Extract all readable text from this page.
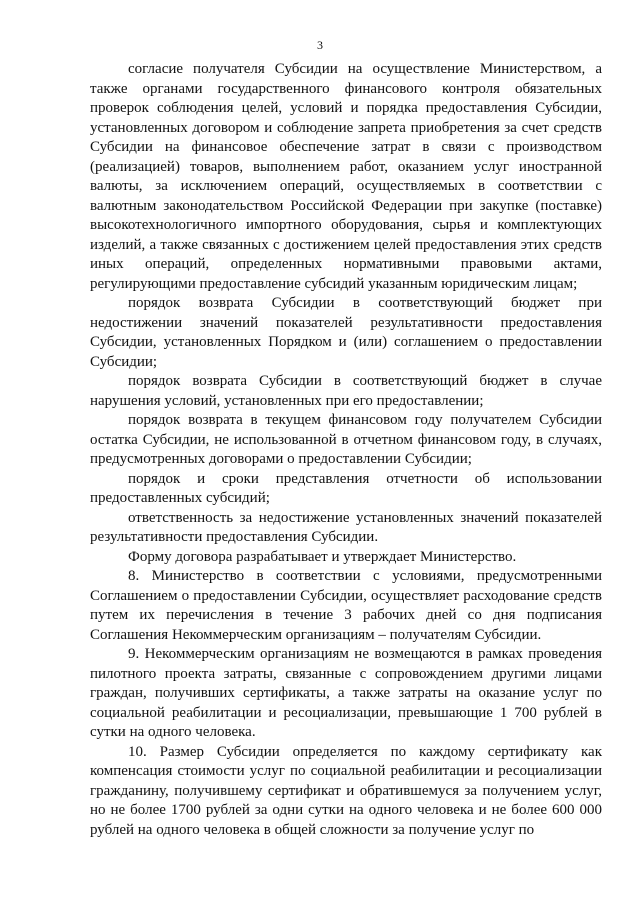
3

согласие получателя Субсидии на осуществление Министерством, а также органами государственного финансового контроля обязательных проверок соблюдения целей, условий и порядка предоставления Субсидии, установленных договором и соблюдение запрета приобретения за счет средств Субсидии на финансовое обеспечение затрат в связи с производством (реализацией) товаров, выполнением работ, оказанием услуг иностранной валюты, за исключением операций, осуществляемых в соответствии с валютным законодательством Российской Федерации при закупке (поставке) высокотехнологичного импортного оборудования, сырья и комплектующих изделий, а также связанных с достижением целей предоставления этих средств иных операций, определенных нормативными правовыми актами, регулирующими предоставление субсидий указанным юридическим лицам;

порядок возврата Субсидии в соответствующий бюджет при недостижении значений показателей результативности предоставления Субсидии, установленных Порядком и (или) соглашением о предоставлении Субсидии;

порядок возврата Субсидии в соответствующий бюджет в случае нарушения условий, установленных при его предоставлении;

порядок возврата в текущем финансовом году получателем Субсидии остатка Субсидии, не использованной в отчетном финансовом году, в случаях, предусмотренных договорами о предоставлении Субсидии;

порядок и сроки представления отчетности об использовании предоставленных субсидий;

ответственность за недостижение установленных значений показателей результативности предоставления Субсидии.

Форму договора разрабатывает и утверждает Министерство.

8. Министерство в соответствии с условиями, предусмотренными Соглашением о предоставлении Субсидии, осуществляет расходование средств путем их перечисления в течение 3 рабочих дней со дня подписания Соглашения Некоммерческим организациям – получателям Субсидии.

9. Некоммерческим организациям не возмещаются в рамках проведения пилотного проекта затраты, связанные с сопровождением другими лицами граждан, получивших сертификаты, а также затраты на оказание услуг по социальной реабилитации и ресоциализации, превышающие 1 700 рублей в сутки на одного человека.

10. Размер Субсидии определяется по каждому сертификату как компенсация стоимости услуг по социальной реабилитации и ресоциализации гражданину, получившему сертификат и обратившемуся за получением услуг, но не более 1700 рублей за одни сутки на одного человека и не более 600 000 рублей на одного человека в общей сложности за получение услуг по
